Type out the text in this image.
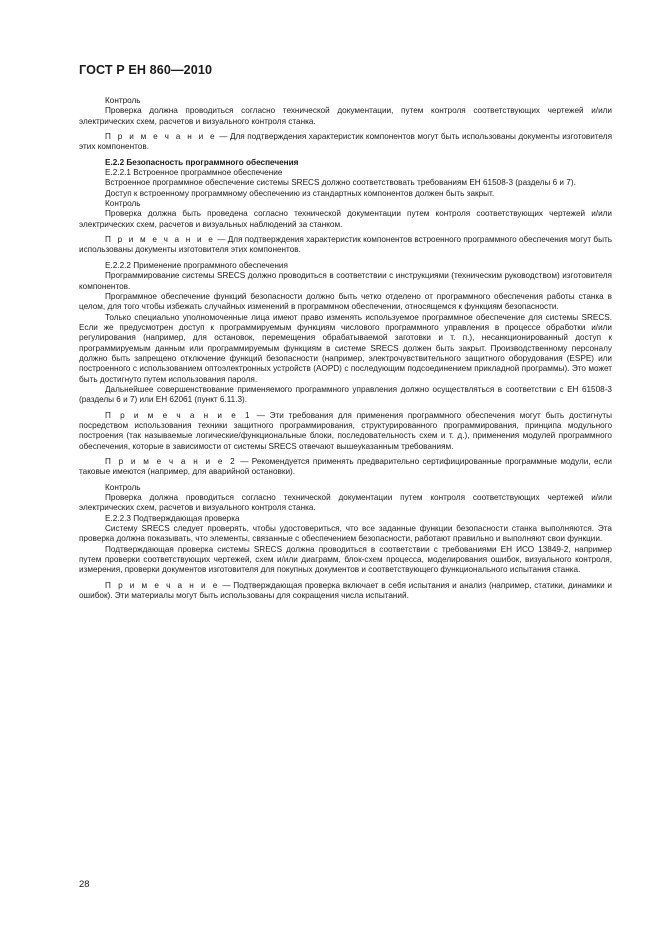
ГОСТ Р ЕН 860—2010

Контроль

Проверка должна проводиться согласно технической документации, путем контроля соответствующих чертежей и/или электрических схем, расчетов и визуального контроля станка.

П р и м е ч а н и е — Для подтверждения характеристик компонентов могут быть использованы документы изготовителя этих компонентов.

Е.2.2 Безопасность программного обеспечения

Е.2.2.1 Встроенное программное обеспечение

Встроенное программное обеспечение системы SRECS должно соответствовать требованиям ЕН 61508-3 (разделы 6 и 7).

Доступ к встроенному программному обеспечению из стандартных компонентов должен быть закрыт.

Контроль

Проверка должна быть проведена согласно технической документации путем контроля соответствующих чертежей и/или электрических схем, расчетов и визуальных наблюдений за станком.

П р и м е ч а н и е — Для подтверждения характеристик компонентов встроенного программного обеспечения могут быть использованы документы изготовителя этих компонентов.

Е.2.2.2 Применение программного обеспечения

Программирование системы SRECS должно проводиться в соответствии с инструкциями (техническим руководством) изготовителя компонентов.

Программное обеспечение функций безопасности должно быть четко отделено от программного обеспечения работы станка в целом, для того чтобы избежать случайных изменений в программном обеспечении, относящемся к функциям безопасности.

Только специально уполномоченные лица имеют право изменять используемое программное обеспечение для системы SRECS. Если же предусмотрен доступ к программируемым функциям числового программного управления в процессе обработки и/или регулирования (например, для остановок, перемещения обрабатываемой заготовки и т. п.), несанкционированный доступ к программируемым данным или программируемым функциям в системе SRECS должен быть закрыт. Производственному персоналу должно быть запрещено отключение функций безопасности (например, электрочувствительного защитного оборудования (ESPE) или построенного с использованием оптоэлектронных устройств (AOPD) с последующим подсоединением прикладной программы). Это может быть достигнуто путем использования пароля.

Дальнейшее совершенствование применяемого программного управления должно осуществляться в соответствии с ЕН 61508-3 (разделы 6 и 7) или ЕН 62061 (пункт 6.11.3).

П р и м е ч а н и е 1 — Эти требования для применения программного обеспечения могут быть достигнуты посредством использования техники защитного программирования, структурированного программирования, принципа модульного построения (так называемые логические/функциональные блоки, последовательность схем и т. д.), применения модулей программного обеспечения, которые в зависимости от системы SRECS отвечают вышеуказанным требованиям.

П р и м е ч а н и е 2 — Рекомендуется применять предварительно сертифицированные программные модули, если таковые имеются (например, для аварийной остановки).

Контроль

Проверка должна проводиться согласно технической документации путем контроля соответствующих чертежей и/или электрических схем, расчетов и визуального контроля станка.

Е.2.2.3 Подтверждающая проверка

Систему SRECS следует проверять, чтобы удостовериться, что все заданные функции безопасности станка выполняются. Эта проверка должна показывать, что элементы, связанные с обеспечением безопасности, работают правильно и выполняют свои функции.

Подтверждающая проверка системы SRECS должна проводиться в соответствии с требованиями ЕН ИСО 13849-2, например путем проверки соответствующих чертежей, схем и/или диаграмм, блок-схем процесса, моделирования ошибок, визуального контроля, измерения, проверки документов изготовителя для покупных документов и соответствующего функционального испытания станка.

П р и м е ч а н и е — Подтверждающая проверка включает в себя испытания и анализ (например, статики, динамики и ошибок). Эти материалы могут быть использованы для сокращения числа испытаний.

28
